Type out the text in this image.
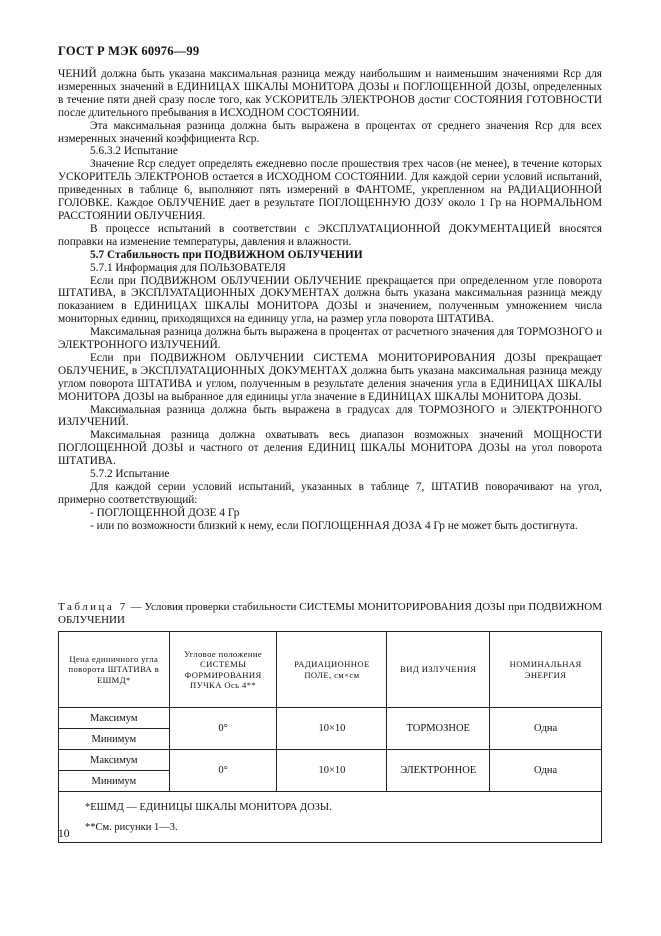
ГОСТ Р МЭК 60976—99

ЧЕНИЙ должна быть указана максимальная разница между наибольшим и наименьшим значениями Rср для измеренных значений в ЕДИНИЦАХ ШКАЛЫ МОНИТОРА ДОЗЫ и ПОГЛОЩЕННОЙ ДОЗЫ, определенных в течение пяти дней сразу после того, как УСКОРИТЕЛЬ ЭЛЕКТРОНОВ достиг СОСТОЯНИЯ ГОТОВНОСТИ после длительного пребывания в ИСХОДНОМ СОСТОЯНИИ.

Эта максимальная разница должна быть выражена в процентах от среднего значения Rср для всех измеренных значений коэффициента Rср.

5.6.3.2 Испытание

Значение Rср следует определять ежедневно после прошествия трех часов (не менее), в течение которых УСКОРИТЕЛЬ ЭЛЕКТРОНОВ остается в ИСХОДНОМ СОСТОЯНИИ. Для каждой серии условий испытаний, приведенных в таблице 6, выполняют пять измерений в ФАНТОМЕ, укрепленном на РАДИАЦИОННОЙ ГОЛОВКЕ. Каждое ОБЛУЧЕНИЕ дает в результате ПОГЛОЩЕННУЮ ДОЗУ около 1 Гр на НОРМАЛЬНОМ РАССТОЯНИИ ОБЛУЧЕНИЯ.

В процессе испытаний в соответствии с ЭКСПЛУАТАЦИОННОЙ ДОКУМЕНТАЦИЕЙ вносятся поправки на изменение температуры, давления и влажности.

5.7 Стабильность при ПОДВИЖНОМ ОБЛУЧЕНИИ

5.7.1 Информация для ПОЛЬЗОВАТЕЛЯ

Если при ПОДВИЖНОМ ОБЛУЧЕНИИ ОБЛУЧЕНИЕ прекращается при определенном угле поворота ШТАТИВА, в ЭКСПЛУАТАЦИОННЫХ ДОКУМЕНТАХ должна быть указана максимальная разница между показанием в ЕДИНИЦАХ ШКАЛЫ МОНИТОРА ДОЗЫ и значением, полученным умножением числа мониторных единиц, приходящихся на единицу угла, на размер угла поворота ШТАТИВА.

Максимальная разница должна быть выражена в процентах от расчетного значения для ТОРМОЗНОГО и ЭЛЕКТРОННОГО ИЗЛУЧЕНИЙ.

Если при ПОДВИЖНОМ ОБЛУЧЕНИИ СИСТЕМА МОНИТОРИРОВАНИЯ ДОЗЫ прекращает ОБЛУЧЕНИЕ, в ЭКСПЛУАТАЦИОННЫХ ДОКУМЕНТАХ должна быть указана максимальная разница между углом поворота ШТАТИВА и углом, полученным в результате деления значения угла в ЕДИНИЦАХ ШКАЛЫ МОНИТОРА ДОЗЫ на выбранное для единицы угла значение в ЕДИНИЦАХ ШКАЛЫ МОНИТОРА ДОЗЫ.

Максимальная разница должна быть выражена в градусах для ТОРМОЗНОГО и ЭЛЕКТРОННОГО ИЗЛУЧЕНИЙ.

Максимальная разница должна охватывать весь диапазон возможных значений МОЩНОСТИ ПОГЛОЩЕННОЙ ДОЗЫ и частного от деления ЕДИНИЦ ШКАЛЫ МОНИТОРА ДОЗЫ на угол поворота ШТАТИВА.

5.7.2 Испытание

Для каждой серии условий испытаний, указанных в таблице 7, ШТАТИВ поворачивают на угол, примерно соответствующий:

- ПОГЛОЩЕННОЙ ДОЗЕ 4 Гр

- или по возможности близкий к нему, если ПОГЛОЩЕННАЯ ДОЗА 4 Гр не может быть достигнута.

Таблица 7 — Условия проверки стабильности СИСТЕМЫ МОНИТОРИРОВАНИЯ ДОЗЫ при ПОДВИЖНОМ ОБЛУЧЕНИИ
Цена единичного угла поворота ШТАТИВА в ЕШМД*	Угловое положение СИСТЕМЫ ФОРМИРОВАНИЯ ПУЧКА Ось 4**	РАДИАЦИОННОЕ ПОЛЕ, см×см	ВИД ИЗЛУЧЕНИЯ	НОМИНАЛЬНАЯ ЭНЕРГИЯ
Максимум	0°	10×10	ТОРМОЗНОЕ	Одна
Минимум				
Максимум	0°	10×10	ЭЛЕКТРОННОЕ	Одна
Минимум				

*ЕШМД — ЕДИНИЦЫ ШКАЛЫ МОНИТОРА ДОЗЫ.
**См. рисунки 1—3.				
10
